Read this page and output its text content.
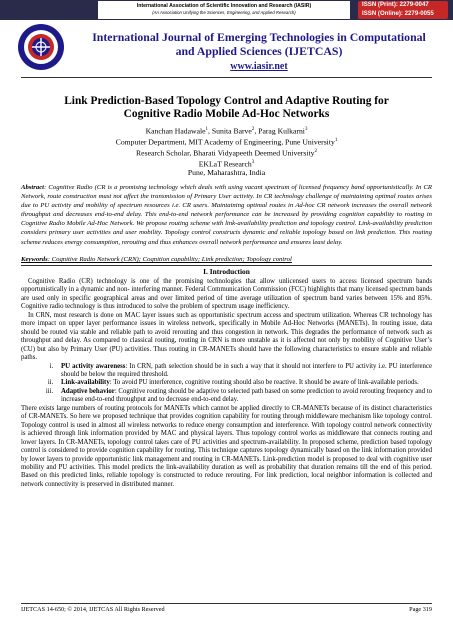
International Association of Scientific Innovation and Research (IASIR)
(An Association Unifying the Sciences, Engineering, and Applied Research)
ISSN (Print): 2279-0047
ISSN (Online): 2279-0055
International Journal of Emerging Technologies in Computational
and Applied Sciences (IJETCAS)
www.iasir.net
Link Prediction-Based Topology Control and Adaptive Routing for
Cognitive Radio Mobile Ad-Hoc Networks
Kanchan Hadawale$^1$, Sunita Barve$^2$, Parag Kulkarni$^3$
Computer Department, MIT Academy of Engineering, Pune University$^1$
Research Scholar, Bharati Vidyapeeth Deemed University$^2$
EKLaT Research$^3$
Pune, Maharashtra, India
Abstract: Cognitive Radio (CR is a promising technology which deals with using vacant spectrum of licensed frequency band opportunistically. In CR Network, route construction must not affect the transmission of Primary User activity. In CR technology challenge of maintaining optimal routes arises due to PU activity and mobility of spectrum resources i.e. CR users. Maintaining optimal routes in Ad-hoc CR network increases the overall network throughput and decreases end-to-end delay. This end-to-end network performance can be increased by providing cognition capability to routing in Cognitive Radio Mobile Ad-Hoc Network. We propose routing scheme with link-availability prediction and topology control. Link-availability prediction considers primary user activities and user mobility. Topology control constructs dynamic and reliable topology based on link prediction. This routing scheme reduces energy consumption, rerouting and thus enhances overall network performance and ensures least delay.
Keywords: Cognitive Radio Network (CRN); Cognition capability; Link prediction; Topology control
I. Introduction

Cognitive Radio (CR) technology is one of the promising technologies that allow unlicensed users to access licensed spectrum bands opportunistically in a dynamic and non- interfering manner. Federal Communication Commission (FCC) highlights that many licensed spectrum bands are used only in specific geographical areas and over limited period of time average utilization of spectrum band varies between 15% and 85%. Cognitive radio technology is thus introduced to solve the problem of spectrum usage inefficiency.

In CRN, most research is done on MAC layer issues such as opportunistic spectrum access and spectrum utilization. Whereas CR technology has more impact on upper layer performance issues in wireless network, specifically in Mobile Ad-Hoc Networks (MANETs). In routing issue, data should be routed via stable and reliable path to avoid rerouting and thus congestion in network. This degrades the performance of network such as throughput and delay. As compared to classical routing, routing in CRN is more unstable as it is affected not only by mobility of Cognitive User’s (CU) but also by Primary User (PU) activities. Thus routing in CR-MANETs should have the following characteristics to ensure stable and reliable paths.

i. PU activity awareness: In CRN, path selection should be in such a way that it should not interfere to PU activity i.e. PU interference should be below the required threshold.
ii. Link-availability: To avoid PU interference, cognitive routing should also be reactive. It should be aware of link-available periods.
iii. Adaptive behavior: Cognitive routing should be adaptive to selected path based on some prediction to avoid rerouting frequency and to increase end-to-end throughput and to decrease end-to-end delay.

There exists large numbers of routing protocols for MANETs which cannot be applied directly to CR-MANETs because of its distinct characteristics of CR-MANETs. So here we proposed technique that provides cognition capability for routing through middleware mechanism like topology control. Topology control is used in almost all wireless networks to reduce energy consumption and interference. With topology control network connectivity is achieved through link information provided by MAC and physical layers. Thus topology control works as middleware that connects routing and lower layers. In CR-MANETs, topology control takes care of PU activities and spectrum-availability. In proposed scheme, prediction based topology control is considered to provide cognition capability for routing. This technique captures topology dynamically based on the link information provided by lower layers to provide opportunistic link management and routing in CR-MANETs. Link-prediction model is proposed to deal with cognitive user mobility and PU activities. This model predicts the link-availability duration as well as probability that duration remains till the end of this period. Based on this predicted links, reliable topology is constructed to reduce rerouting. For link prediction, local neighbor information is collected and network connectivity is preserved in distributed manner.

IJETCAS 14-650; © 2014, IJETCAS All Rights Reserved	Page 319
